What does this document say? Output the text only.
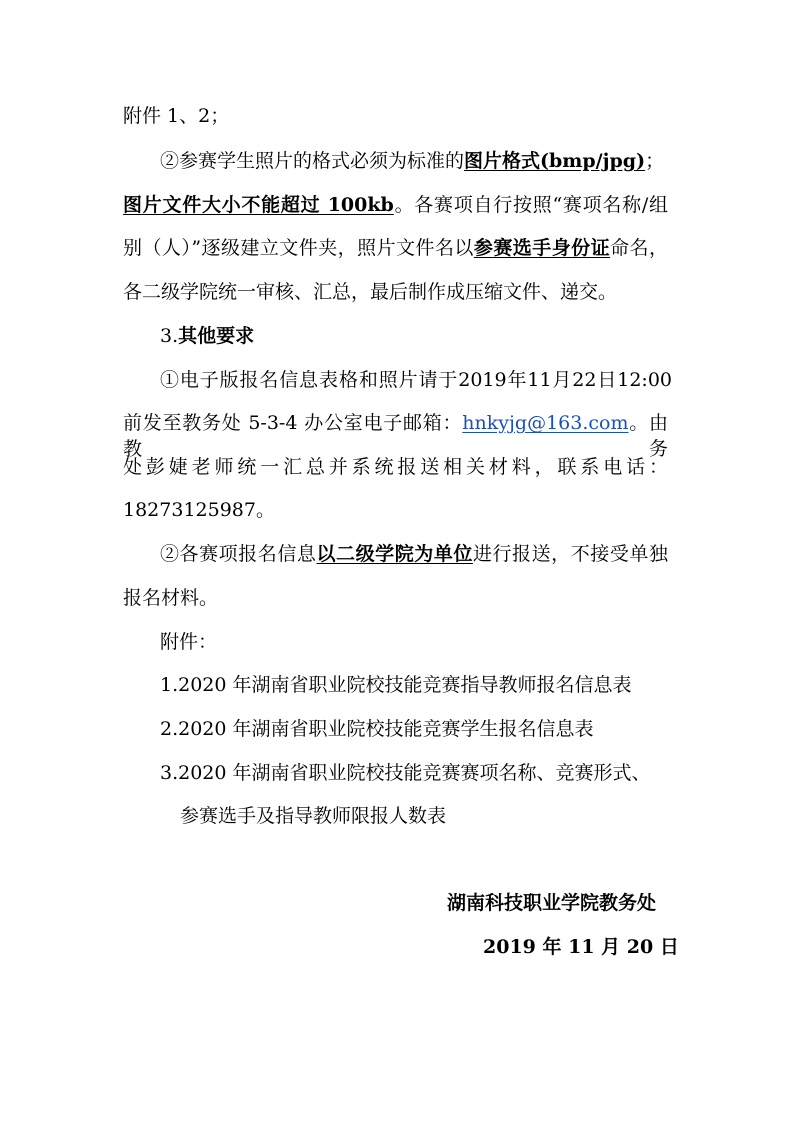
附件 1、2；
②参赛学生照片的格式必须为标准的图片格式(bmp/jpg)；
图片文件大小不能超过 100kb。各赛项自行按照“赛项名称/组
别（人）”逐级建立文件夹，照片文件名以参赛选手身份证命名，
各二级学院统一审核、汇总，最后制作成压缩文件、递交。
3.其他要求
①电子版报名信息表格和照片请于2019年11月22日12:00
前发至教务处 5-3-4 办公室电子邮箱：hnkyjg@163.com。由教务
处彭婕老师统一汇总并系统报送相关材料，联系电话：
18273125987。
②各赛项报名信息以二级学院为单位进行报送，不接受单独
报名材料。
附件：
1.2020 年湖南省职业院校技能竞赛指导教师报名信息表
2.2020 年湖南省职业院校技能竞赛学生报名信息表
3.2020 年湖南省职业院校技能竞赛赛项名称、竞赛形式、
参赛选手及指导教师限报人数表
湖南科技职业学院教务处
2019 年 11 月 20 日
